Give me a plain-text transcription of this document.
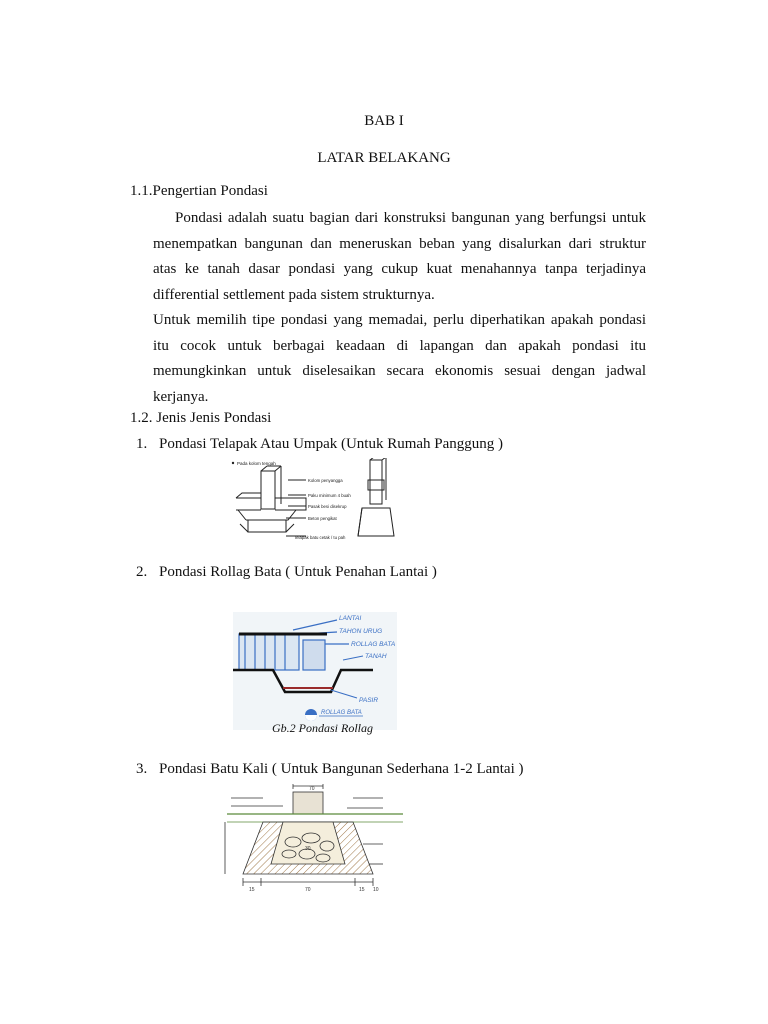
BAB I
LATAR BELAKANG
1.1.Pengertian Pondasi
Pondasi adalah suatu bagian dari konstruksi bangunan yang berfungsi untuk
menempatkan bangunan dan meneruskan beban yang disalurkan dari struktur
atas ke tanah dasar pondasi yang cukup kuat menahannya tanpa terjadinya
differential settlement pada sistem strukturnya.
Untuk memilih tipe pondasi yang memadai, perlu diperhatikan apakah pondasi
itu cocok untuk berbagai keadaan di lapangan dan apakah pondasi itu
memungkinkan untuk diselesaikan secara ekonomis sesuai dengan jadwal
kerjanya.
1.2. Jenis Jenis Pondasi
1. Pondasi Telapak Atau Umpak (Untuk Rumah Panggung )
Pada kolom tengah
Kolom penyangga
Paku minimum 4 buah
Pasak besi disekrup
Beton pengikat
Telapak batu cetak / tu pah
2. Pondasi Rollag Bata ( Untuk Penahan Lantai )
LANTAI
TAHON URUG
ROLLAG BATA
TANAH
PASIR
ROLLAG BATA
Gb.2 Pondasi Rollag
3. Pondasi Batu Kali ( Untuk Bangunan Sederhana 1-2 Lantai )
70
30
15	70	15 10
